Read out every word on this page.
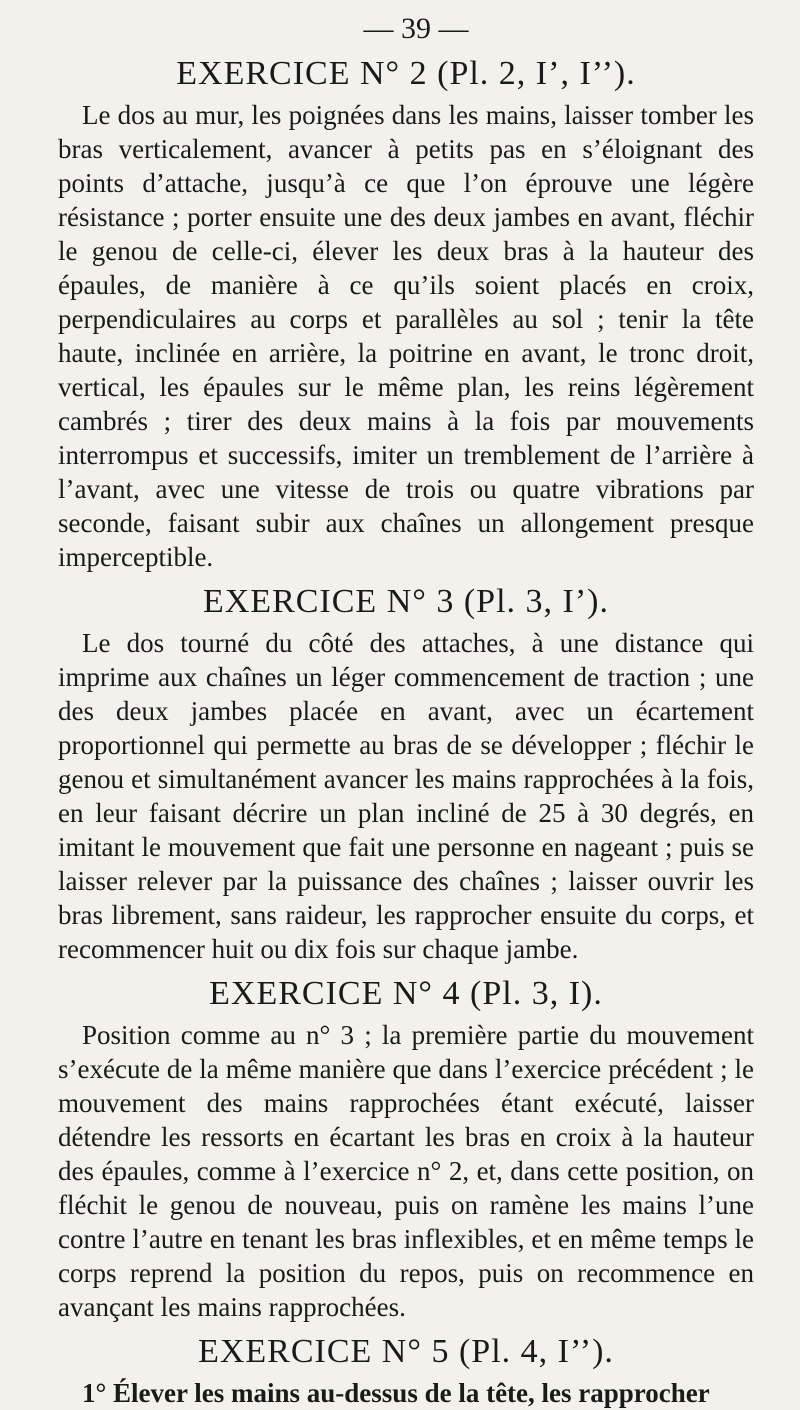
— 39 —
EXERCICE N° 2 (Pl. 2, I’, I’’).

Le dos au mur, les poignées dans les mains, laisser tomber les bras verticalement, avancer à petits pas en s’éloignant des points d’attache, jusqu’à ce que l’on éprouve une légère résistance ; porter ensuite une des deux jambes en avant, fléchir le genou de celle-ci, élever les deux bras à la hauteur des épaules, de manière à ce qu’ils soient placés en croix, perpendiculaires au corps et parallèles au sol ; tenir la tête haute, inclinée en arrière, la poitrine en avant, le tronc droit, vertical, les épaules sur le même plan, les reins légèrement cambrés ; tirer des deux mains à la fois par mouvements interrompus et successifs, imiter un tremblement de l’arrière à l’avant, avec une vitesse de trois ou quatre vibrations par seconde, faisant subir aux chaînes un allongement presque imperceptible.

EXERCICE N° 3 (Pl. 3, I’).

Le dos tourné du côté des attaches, à une distance qui imprime aux chaînes un léger commencement de traction ; une des deux jambes placée en avant, avec un écartement proportionnel qui permette au bras de se développer ; fléchir le genou et simultanément avancer les mains rapprochées à la fois, en leur faisant décrire un plan incliné de 25 à 30 degrés, en imitant le mouvement que fait une personne en nageant ; puis se laisser relever par la puissance des chaînes ; laisser ouvrir les bras librement, sans raideur, les rapprocher ensuite du corps, et recommencer huit ou dix fois sur chaque jambe.

EXERCICE N° 4 (Pl. 3, I).

Position comme au n° 3 ; la première partie du mouvement s’exécute de la même manière que dans l’exercice précédent ; le mouvement des mains rapprochées étant exécuté, laisser détendre les ressorts en écartant les bras en croix à la hauteur des épaules, comme à l’exercice n° 2, et, dans cette position, on fléchit le genou de nouveau, puis on ramène les mains l’une contre l’autre en tenant les bras inflexibles, et en même temps le corps reprend la position du repos, puis on recommence en avançant les mains rapprochées.

EXERCICE N° 5 (Pl. 4, I’’).

1° Élever les mains au-dessus de la tête, les rapprocher
